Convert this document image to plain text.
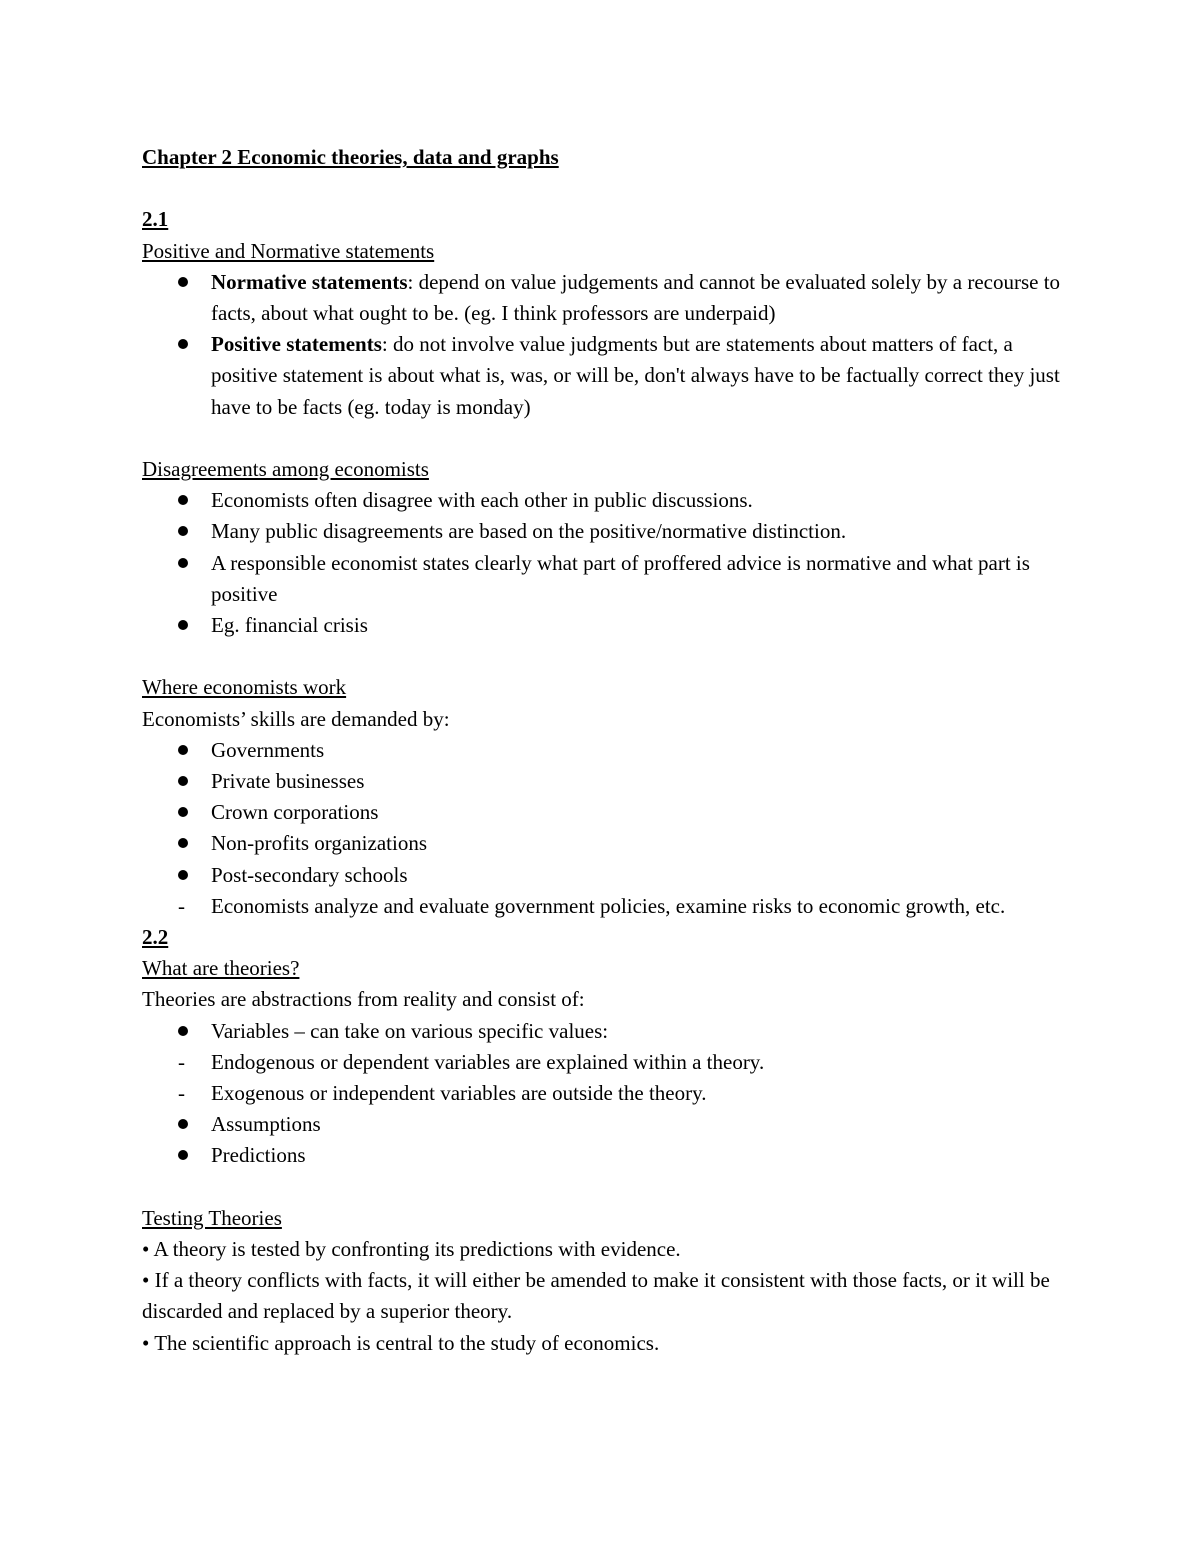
Chapter 2 Economic theories, data and graphs

2.1

Positive and Normative statements

Normative statements: depend on value judgements and cannot be evaluated solely by a recourse to facts, about what ought to be. (eg. I think professors are underpaid)
Positive statements: do not involve value judgments but are statements about matters of fact, a positive statement is about what is, was, or will be, don't always have to be factually correct they just have to be facts (eg. today is monday)

Disagreements among economists

Economists often disagree with each other in public discussions.
Many public disagreements are based on the positive/normative distinction.
A responsible economist states clearly what part of proffered advice is normative and what part is positive
Eg. financial crisis

Where economists work

Economists’ skills are demanded by:

Governments
Private businesses
Crown corporations
Non-profits organizations
Post-secondary schools
-	Economists analyze and evaluate government policies, examine risks to economic growth, etc.

2.2

What are theories?

Theories are abstractions from reality and consist of:

Variables – can take on various specific values:
-	Endogenous or dependent variables are explained within a theory.
-	Exogenous or independent variables are outside the theory.
Assumptions
Predictions

Testing Theories

• A theory is tested by confronting its predictions with evidence.

• If a theory conflicts with facts, it will either be amended to make it consistent with those facts, or it will be discarded and replaced by a superior theory.

• The scientific approach is central to the study of economics.
